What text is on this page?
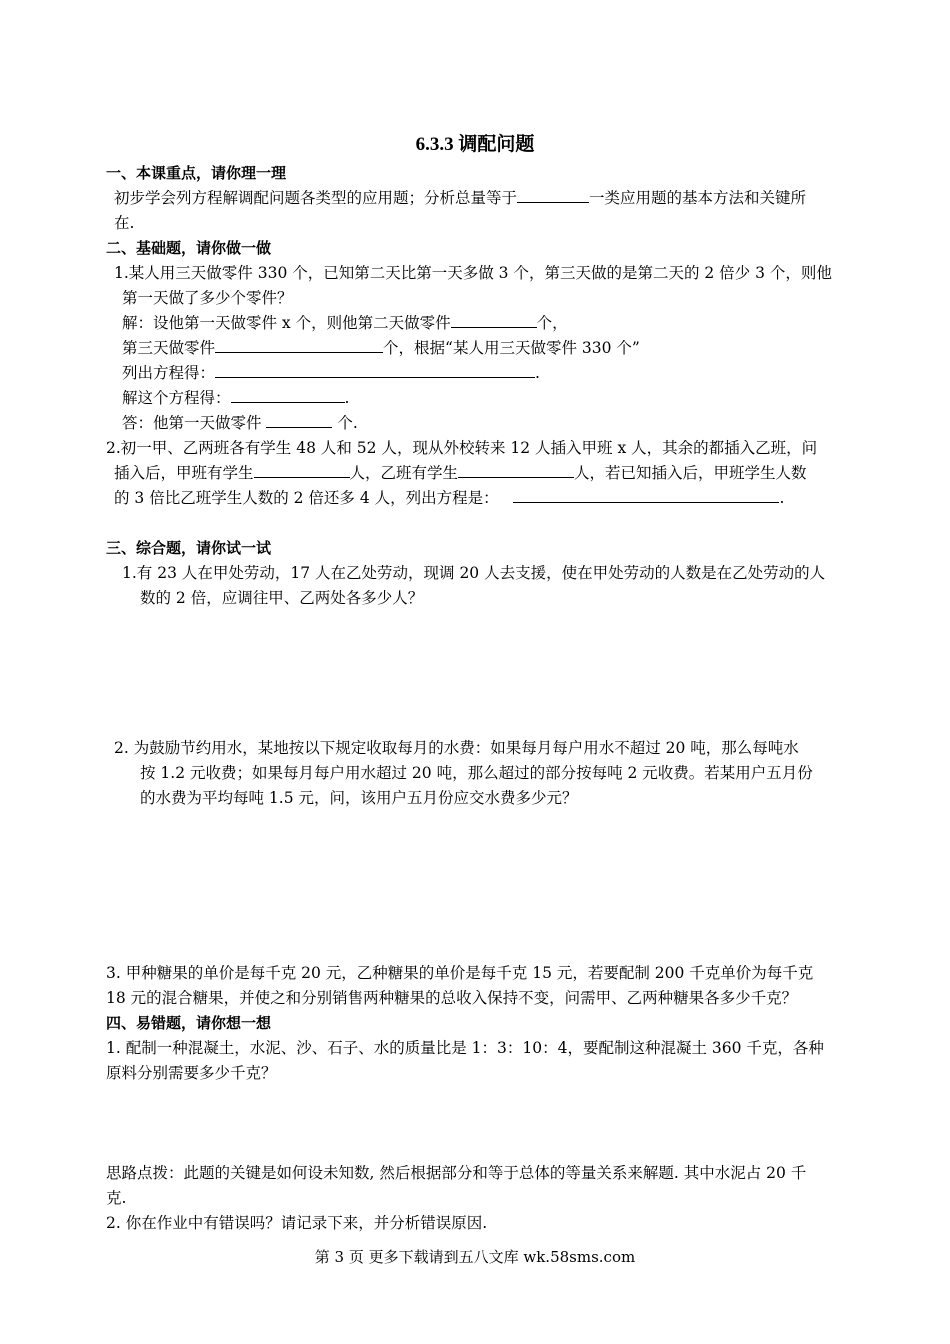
6.3.3 调配问题
一、本课重点，请你理一理
初步学会列方程解调配问题各类型的应用题；分析总量等于	一类应用题的基本方法和关键所
在.
二、基础题，请你做一做
1.某人用三天做零件 330 个，已知第二天比第一天多做 3 个，第三天做的是第二天的 2 倍少 3 个，则他
第一天做了多少个零件？
解：设他第一天做零件 x 个，则他第二天做零件	个，
第三天做零件	个，根据“某人用三天做零件 330 个”
列出方程得：	.
解这个方程得：	.
答：他第一天做零件	个.
2.初一甲、乙两班各有学生 48 人和 52 人，现从外校转来 12 人插入甲班 x 人，其余的都插入乙班，问
插入后，甲班有学生	人，乙班有学生	人，若已知插入后，甲班学生人数
的 3 倍比乙班学生人数的 2 倍还多 4 人，列出方程是：	.
三、综合题，请你试一试
1.有 23 人在甲处劳动，17 人在乙处劳动，现调 20 人去支援，使在甲处劳动的人数是在乙处劳动的人
数的 2 倍，应调往甲、乙两处各多少人？
2. 为鼓励节约用水，某地按以下规定收取每月的水费：如果每月每户用水不超过 20 吨，那么每吨水
按 1.2 元收费；如果每月每户用水超过 20 吨，那么超过的部分按每吨 2 元收费。若某用户五月份
的水费为平均每吨 1.5 元，问，该用户五月份应交水费多少元？
3. 甲种糖果的单价是每千克 20 元，乙种糖果的单价是每千克 15 元，若要配制 200 千克单价为每千克
18 元的混合糖果，并使之和分别销售两种糖果的总收入保持不变，问需甲、乙两种糖果各多少千克？
四、易错题，请你想一想
1. 配制一种混凝土，水泥、沙、石子、水的质量比是 1：3：10：4，要配制这种混凝土 360 千克，各种
原料分别需要多少千克？
思路点拨：此题的关键是如何设未知数, 然后根据部分和等于总体的等量关系来解题. 其中水泥占 20 千
克.
2. 你在作业中有错误吗？请记录下来，并分析错误原因.
第 3 页 更多下载请到五八文库 wk.58sms.com
